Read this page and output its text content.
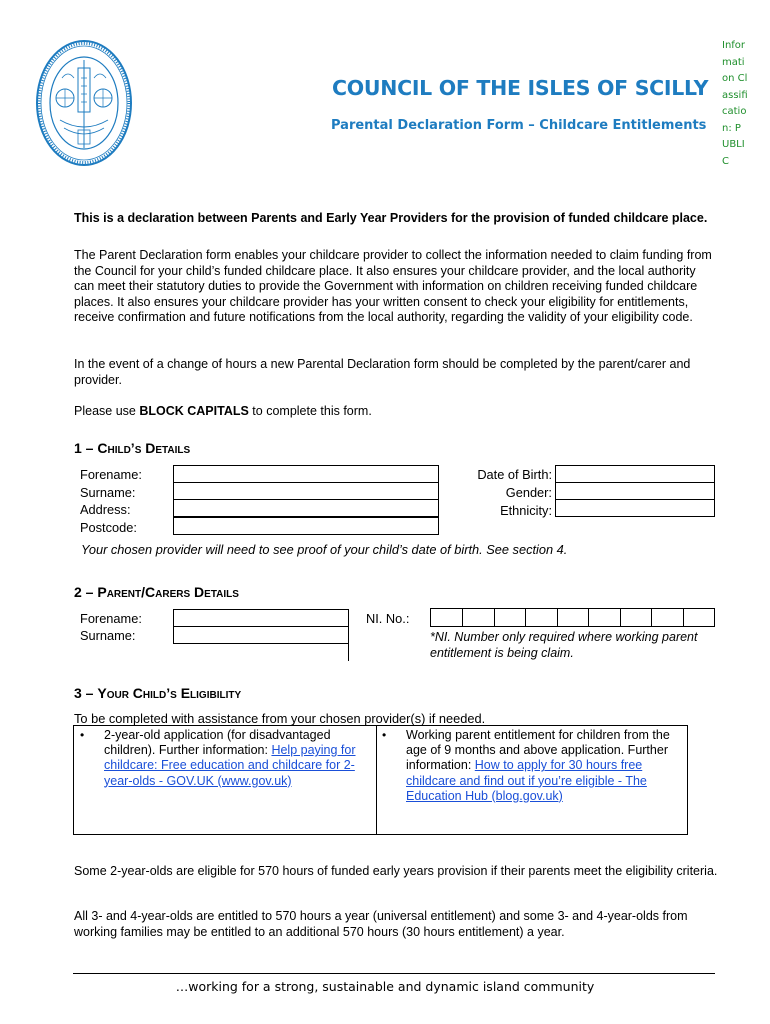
Information Classification: PUBLIC
COUNCIL OF THE ISLES OF SCILLY
Parental Declaration Form – Childcare Entitlements
This is a declaration between Parents and Early Year Providers for the provision of funded childcare place.
The Parent Declaration form enables your childcare provider to collect the information needed to claim funding from the Council for your child’s funded childcare place. It also ensures your childcare provider, and the local authority can meet their statutory duties to provide the Government with information on children receiving funded childcare places. It also ensures your childcare provider has your written consent to check your eligibility for entitlements, receive confirmation and future notifications from the local authority, regarding the validity of your eligibility code.
In the event of a change of hours a new Parental Declaration form should be completed by the parent/carer and provider.
Please use BLOCK CAPITALS to complete this form.
1 – Child’s Details
Forename:
Surname:
Address:
Postcode:
Date of Birth:
Gender:
Ethnicity:
Your chosen provider will need to see proof of your child’s date of birth. See section 4.
2 – Parent/Carers Details
Forename:
Surname:
NI. No.:
*NI. Number only required where working parent entitlement is being claim.
3 – Your Child’s Eligibility
To be completed with assistance from your chosen provider(s) if needed.
• 2-year-old application (for disadvantaged children). Further information: Help paying for childcare: Free education and childcare for 2-year-olds - GOV.UK (www.gov.uk)
• Working parent entitlement for children from the age of 9 months and above application. Further information: How to apply for 30 hours free childcare and find out if you’re eligible - The Education Hub (blog.gov.uk)
Some 2-year-olds are eligible for 570 hours of funded early years provision if their parents meet the eligibility criteria.
All 3- and 4-year-olds are entitled to 570 hours a year (universal entitlement) and some 3- and 4-year-olds from working families may be entitled to an additional 570 hours (30 hours entitlement) a year.
…working for a strong, sustainable and dynamic island community
